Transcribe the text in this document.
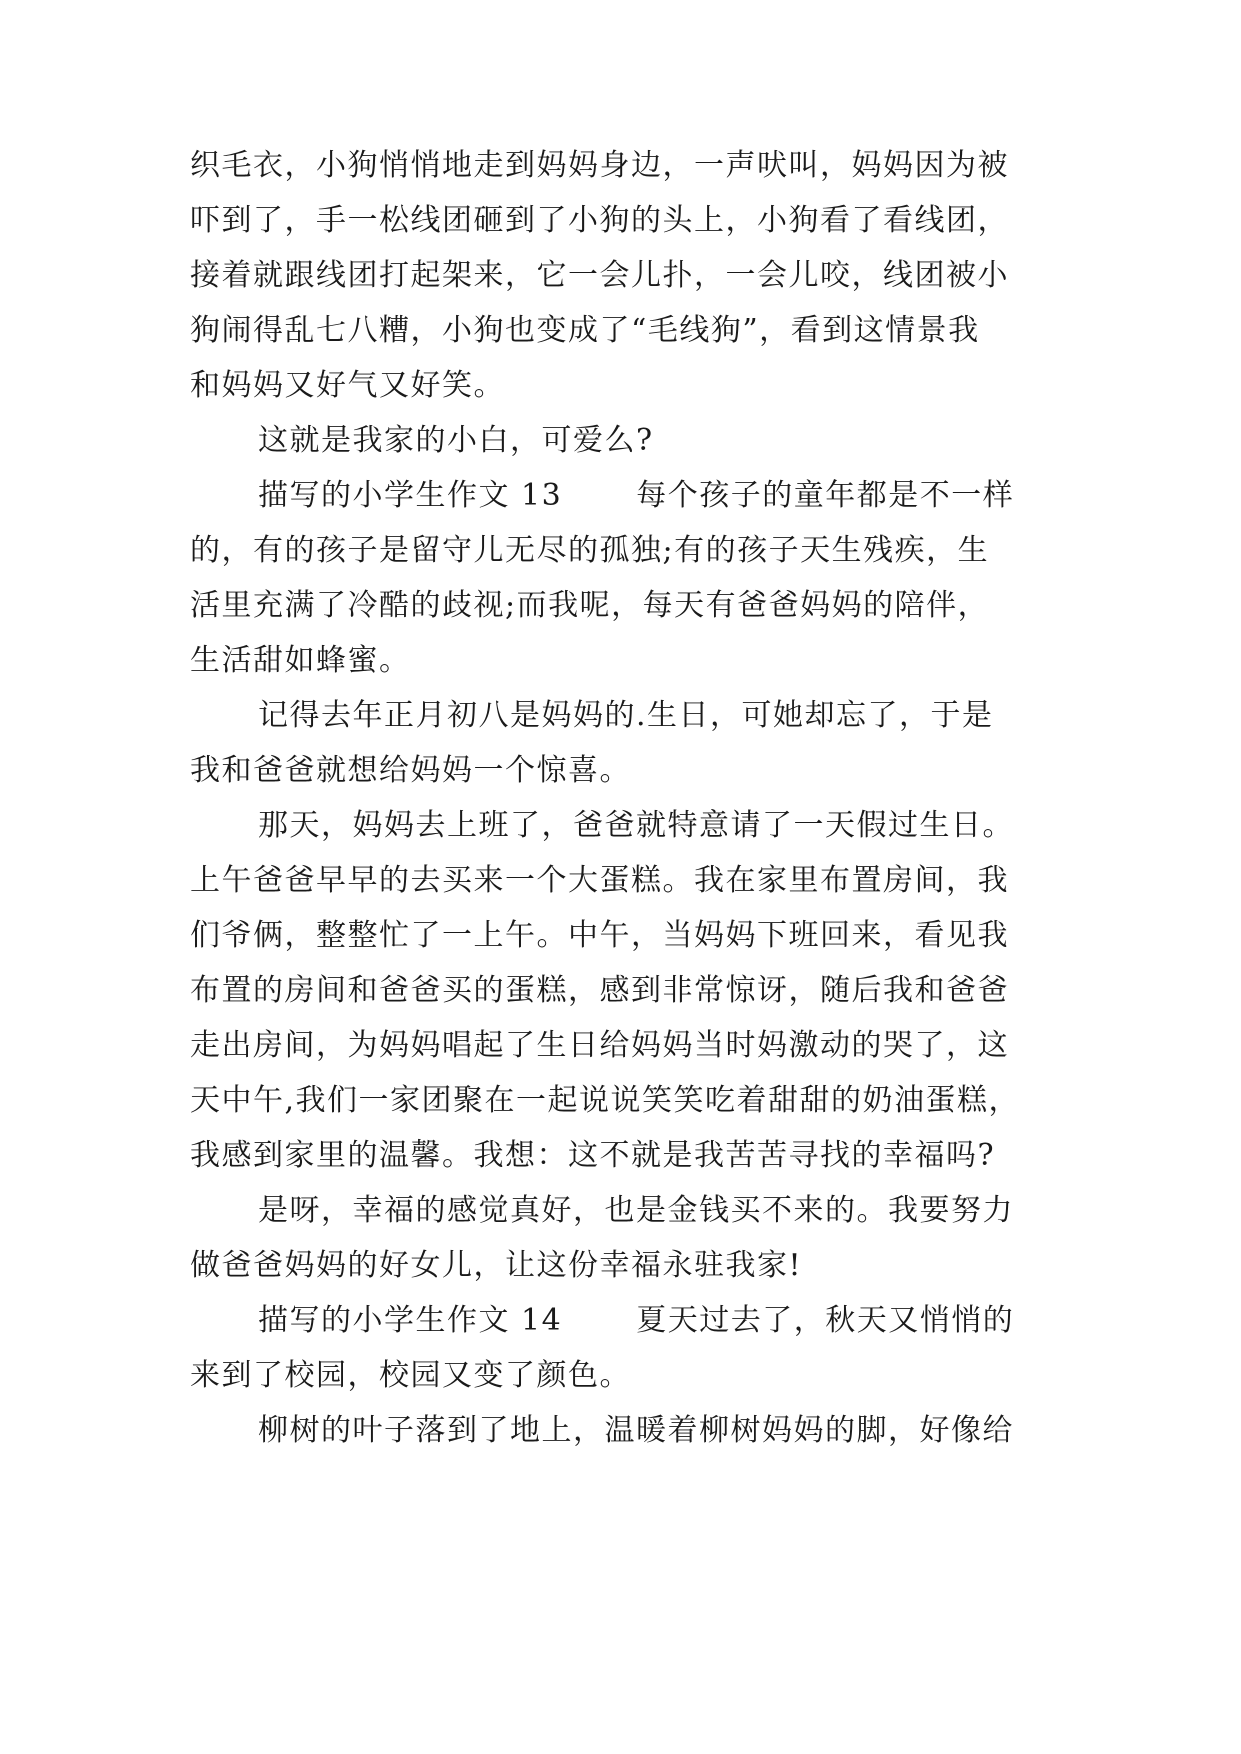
织毛衣，小狗悄悄地走到妈妈身边，一声吠叫，妈妈因为被
吓到了，手一松线团砸到了小狗的头上，小狗看了看线团，
接着就跟线团打起架来，它一会儿扑，一会儿咬，线团被小
狗闹得乱七八糟，小狗也变成了“毛线狗”，看到这情景我
和妈妈又好气又好笑。
这就是我家的小白，可爱么?
描写的小学生作文 13　　 每个孩子的童年都是不一样
的，有的孩子是留守儿无尽的孤独;有的孩子天生残疾，生
活里充满了冷酷的歧视;而我呢，每天有爸爸妈妈的陪伴，
生活甜如蜂蜜。
记得去年正月初八是妈妈的.生日，可她却忘了，于是
我和爸爸就想给妈妈一个惊喜。
那天，妈妈去上班了，爸爸就特意请了一天假过生日。
上午爸爸早早的去买来一个大蛋糕。我在家里布置房间，我
们爷俩，整整忙了一上午。中午，当妈妈下班回来，看见我
布置的房间和爸爸买的蛋糕，感到非常惊讶，随后我和爸爸
走出房间，为妈妈唱起了生日给妈妈当时妈激动的哭了，这
天中午,我们一家团聚在一起说说笑笑吃着甜甜的奶油蛋糕，
我感到家里的温馨。我想：这不就是我苦苦寻找的幸福吗?
是呀，幸福的感觉真好，也是金钱买不来的。我要努力
做爸爸妈妈的好女儿，让这份幸福永驻我家!
描写的小学生作文 14　　 夏天过去了，秋天又悄悄的
来到了校园，校园又变了颜色。
柳树的叶子落到了地上，温暖着柳树妈妈的脚，好像给
